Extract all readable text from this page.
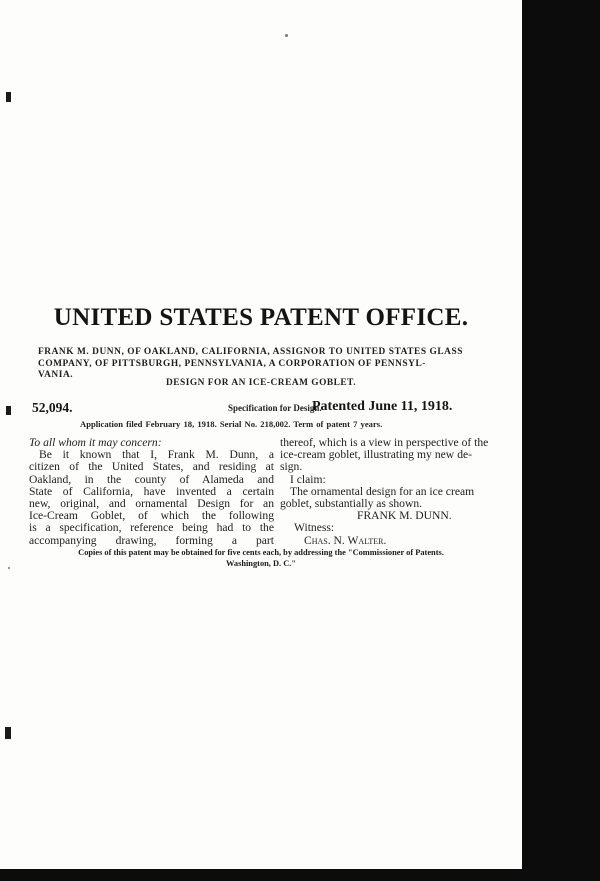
UNITED STATES PATENT OFFICE.
FRANK M. DUNN, OF OAKLAND, CALIFORNIA, ASSIGNOR TO UNITED STATES GLASS
COMPANY, OF PITTSBURGH, PENNSYLVANIA, A CORPORATION OF PENNSYL-
VANIA.
DESIGN FOR AN ICE-CREAM GOBLET.
52,094.	Specification for Design.
Patented June 11, 1918.
Application filed February 18, 1918. Serial No. 218,002. Term of patent 7 years.

To all whom it may concern:

Be it known that I, Frank M. Dunn, a

citizen of the United States, and residing at

Oakland, in the county of Alameda and

State of California, have invented a certain

new, original, and ornamental Design for an

Ice-Cream Goblet, of which the following

is a specification, reference being had to the

accompanying drawing, forming a part

thereof, which is a view in perspective of the

ice-cream goblet, illustrating my new de-

sign.

I claim:

The ornamental design for an ice cream

goblet, substantially as shown.

FRANK M. DUNN.

Witness:

Chas. N. Walter.

Copies of this patent may be obtained for five cents each, by addressing the "Commissioner of Patents.
Washington, D. C."
